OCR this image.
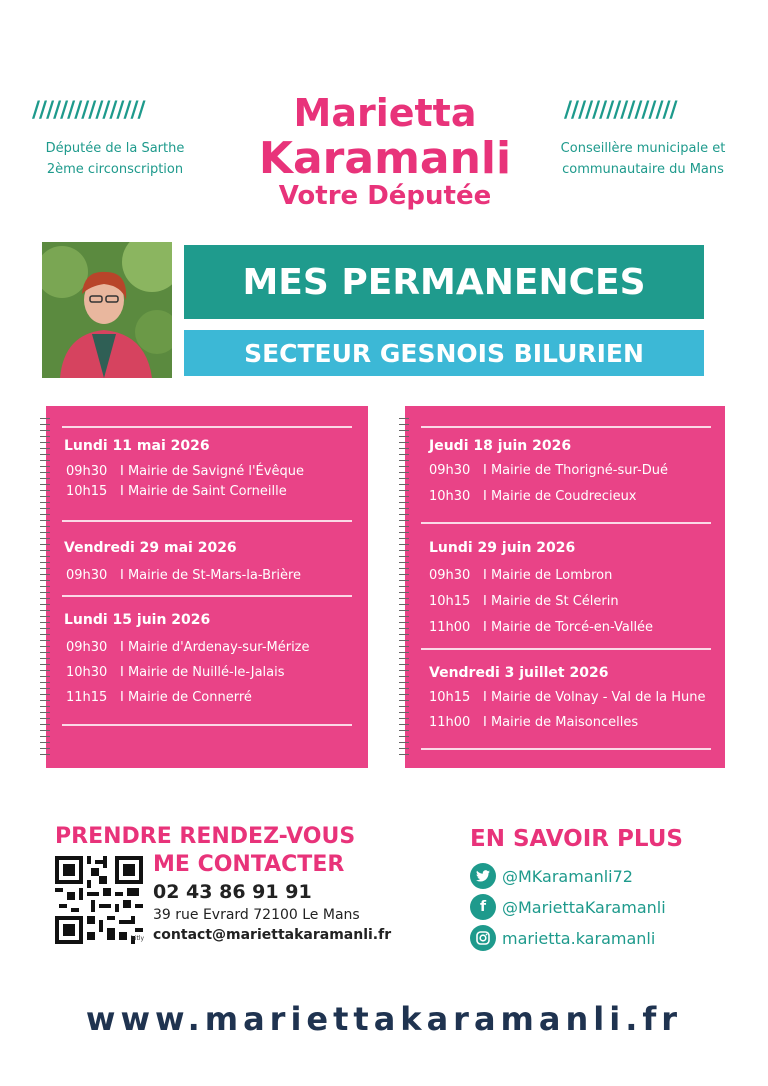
////////////////
Députée de la Sarthe
2ème circonscription
Marietta
Karamanli
Votre Députée
////////////////
Conseillère municipale et
communautaire du Mans
MES PERMANENCES
SECTEUR GESNOIS BILURIEN
Lundi 11 mai 2026
09h30 I Mairie de Savigné l'Évêque
10h15 I Mairie de Saint Corneille
Vendredi 29 mai 2026
09h30 I Mairie de St-Mars-la-Brière
Lundi 15 juin 2026
09h30 I Mairie d'Ardenay-sur-Mérize
10h30 I Mairie de Nuillé-le-Jalais
11h15 I Mairie de Connerré
Jeudi 18 juin 2026
09h30 I Mairie de Thorigné-sur-Dué
10h30 I Mairie de Coudrecieux
Lundi 29 juin 2026
09h30 I Mairie de Lombron
10h15 I Mairie de St Célerin
11h00 I Mairie de Torcé-en-Vallée
Vendredi 3 juillet 2026
10h15 I Mairie de Volnay - Val de la Hune
11h00 I Mairie de Maisoncelles
PRENDRE RENDEZ-VOUS
ME CONTACTER
bitly
02 43 86 91 91
39 rue Evrard 72100 Le Mans
contact@mariettakaramanli.fr
EN SAVOIR PLUS
@MKaramanli72
f @MariettaKaramanli
marietta.karamanli
www.mariettakaramanli.fr
